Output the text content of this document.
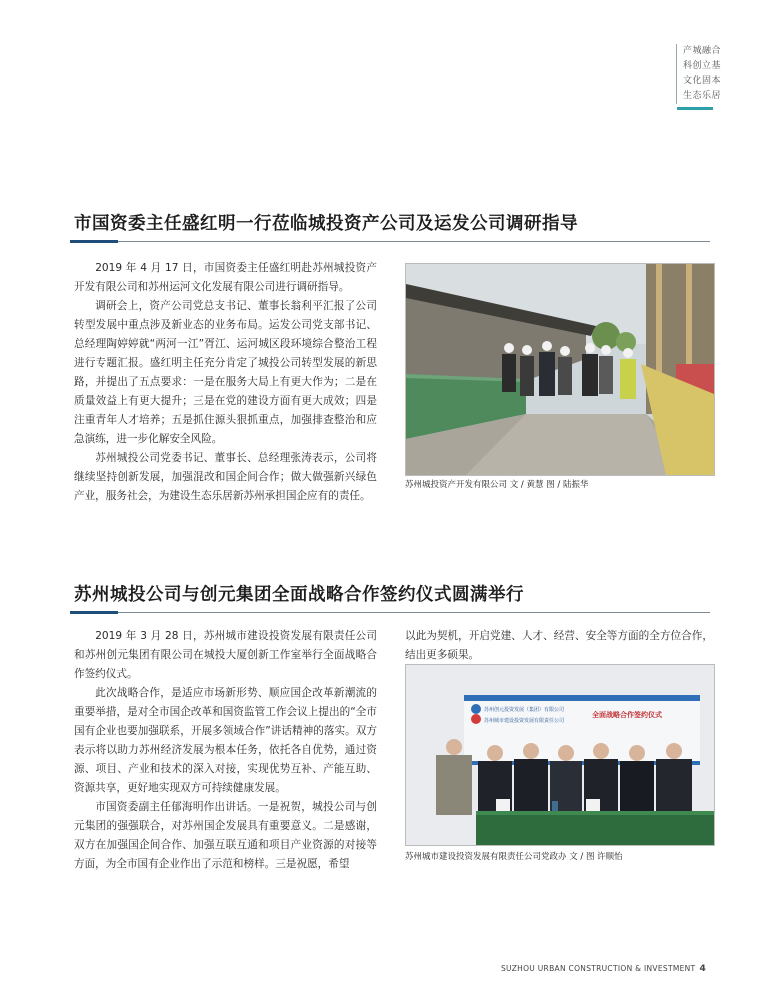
产城融合
科创立基
文化固本
生态乐居
市国资委主任盛红明一行莅临城投资产公司及运发公司调研指导

2019 年 4 月 17 日，市国资委主任盛红明赴苏州城投资产开发有限公司和苏州运河文化发展有限公司进行调研指导。

调研会上，资产公司党总支书记、董事长翁利平汇报了公司转型发展中重点涉及新业态的业务布局。运发公司党支部书记、总经理陶婷婷就“两河一江”胥江、运河城区段环境综合整治工程进行专题汇报。盛红明主任充分肯定了城投公司转型发展的新思路，并提出了五点要求：一是在服务大局上有更大作为；二是在质量效益上有更大提升；三是在党的建设方面有更大成效；四是注重青年人才培养；五是抓住源头狠抓重点，加强排查整治和应急演练，进一步化解安全风险。

苏州城投公司党委书记、董事长、总经理张涛表示，公司将继续坚持创新发展，加强混改和国企间合作；做大做强新兴绿色产业，服务社会，为建设生态乐居新苏州承担国企应有的责任。

苏州城投资产开发有限公司 文 / 黄慧 图 / 陆振华
苏州城投公司与创元集团全面战略合作签约仪式圆满举行

2019 年 3 月 28 日，苏州城市建设投资发展有限责任公司和苏州创元集团有限公司在城投大厦创新工作室举行全面战略合作签约仪式。

此次战略合作，是适应市场新形势、顺应国企改革新潮流的重要举措，是对全市国企改革和国资监管工作会议上提出的“全市国有企业也要加强联系，开展多领域合作”讲话精神的落实。双方表示将以助力苏州经济发展为根本任务，依托各自优势，通过资源、项目、产业和技术的深入对接，实现优势互补、产能互助、资源共享，更好地实现双方可持续健康发展。

市国资委副主任郁海明作出讲话。一是祝贺，城投公司与创元集团的强强联合，对苏州国企发展具有重要意义。二是感谢，双方在加强国企间合作、加强互联互通和项目产业资源的对接等方面，为全市国有企业作出了示范和榜样。三是祝愿，希望

以此为契机，开启党建、人才、经营、安全等方面的全方位合作，结出更多硕果。

苏州创元投资发展（集团）有限公司
苏州城市建设投资发展有限责任公司
全面战略合作签约仪式
苏州城市建设投资发展有限责任公司党政办 文 / 图 许顺怡
SUZHOU URBAN CONSTRUCTION & INVESTMENT 4
